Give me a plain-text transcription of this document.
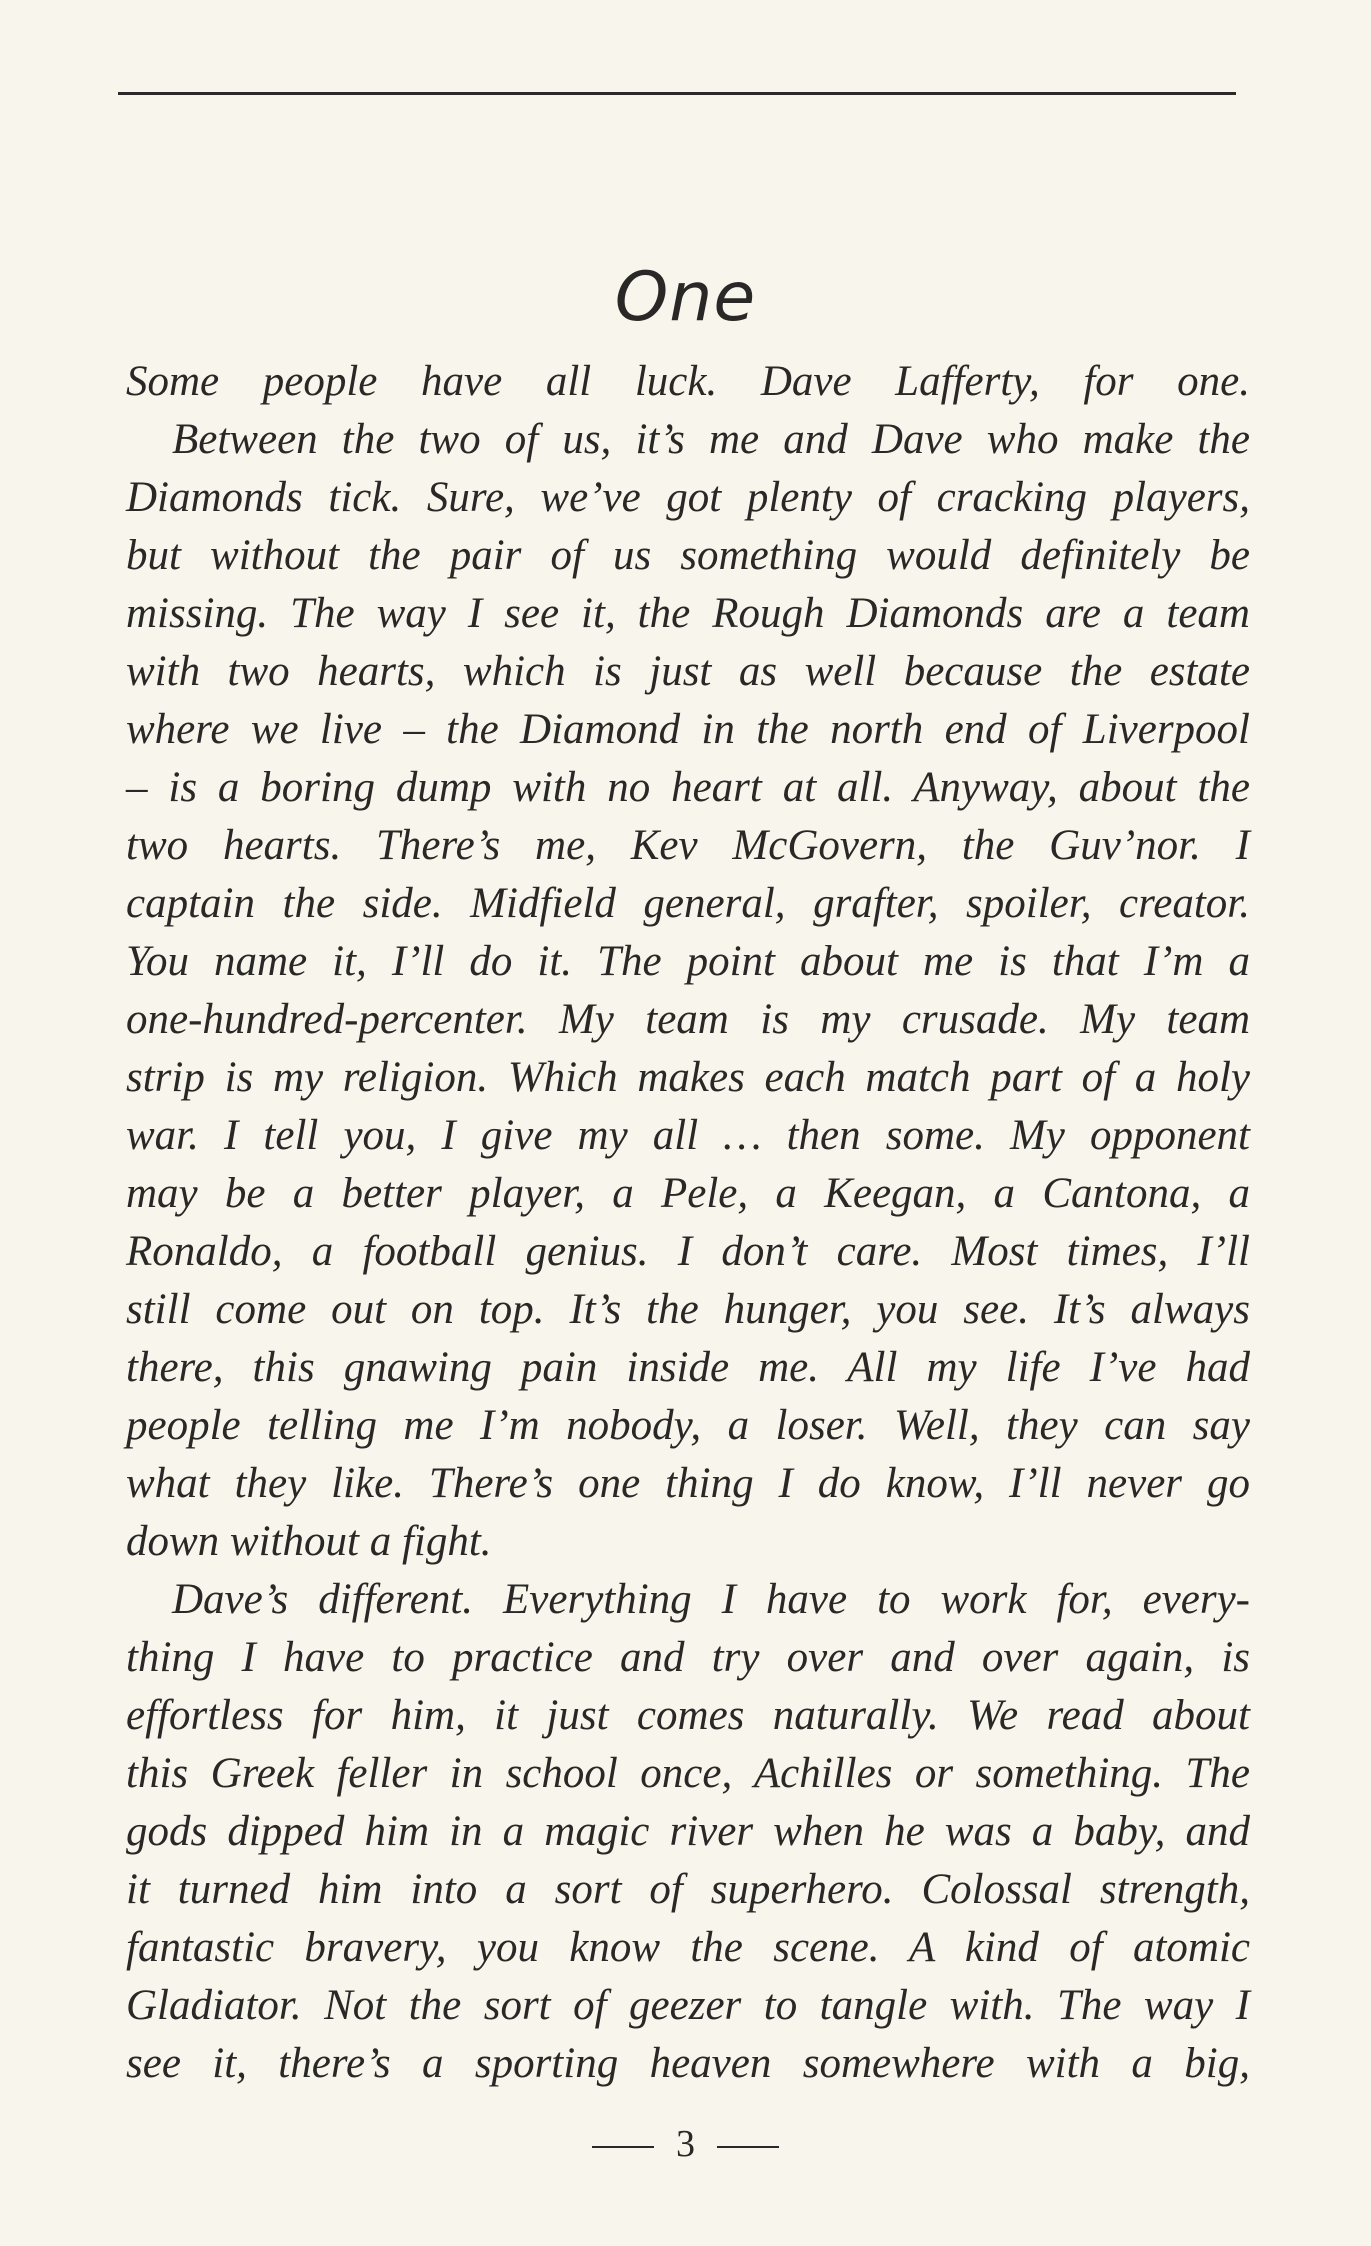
One
Some people have all luck. Dave Lafferty, for one.
Between the two of us, it’s me and Dave who make the
Diamonds tick. Sure, we’ve got plenty of cracking players,
but without the pair of us something would definitely be
missing. The way I see it, the Rough Diamonds are a team
with two hearts, which is just as well because the estate
where we live – the Diamond in the north end of Liverpool
– is a boring dump with no heart at all. Anyway, about the
two hearts. There’s me, Kev McGovern, the Guv’nor. I
captain the side. Midfield general, grafter, spoiler, creator.
You name it, I’ll do it. The point about me is that I’m a
one-hundred-percenter. My team is my crusade. My team
strip is my religion. Which makes each match part of a holy
war. I tell you, I give my all … then some. My opponent
may be a better player, a Pele, a Keegan, a Cantona, a
Ronaldo, a football genius. I don’t care. Most times, I’ll
still come out on top. It’s the hunger, you see. It’s always
there, this gnawing pain inside me. All my life I’ve had
people telling me I’m nobody, a loser. Well, they can say
what they like. There’s one thing I do know, I’ll never go
down without a fight.
Dave’s different. Everything I have to work for, every-
thing I have to practice and try over and over again, is
effortless for him, it just comes naturally. We read about
this Greek feller in school once, Achilles or something. The
gods dipped him in a magic river when he was a baby, and
it turned him into a sort of superhero. Colossal strength,
fantastic bravery, you know the scene. A kind of atomic
Gladiator. Not the sort of geezer to tangle with. The way I
see it, there’s a sporting heaven somewhere with a big,
3
